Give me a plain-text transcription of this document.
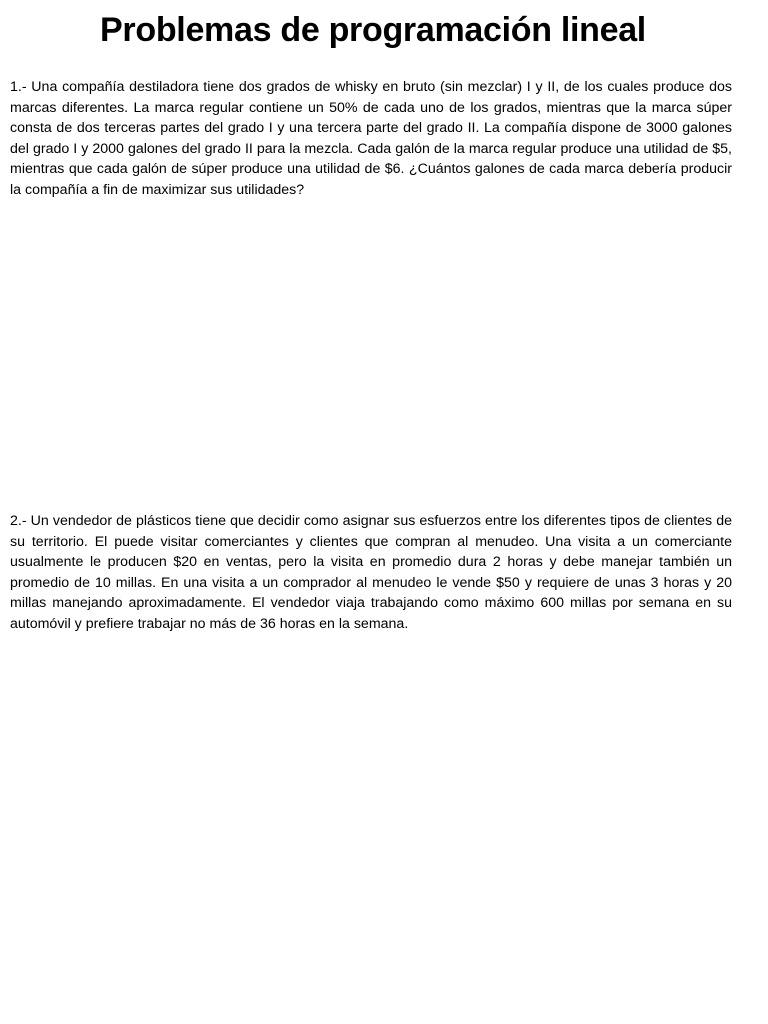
Problemas de programación lineal

1.- Una compañía destiladora tiene dos grados de whisky en bruto (sin mezclar) I y II, de los cuales produce dos marcas diferentes. La marca regular contiene un 50% de cada uno de los grados, mientras que la marca súper consta de dos terceras partes del grado I y una tercera parte del grado II. La compañía dispone de 3000 galones del grado I y 2000 galones del grado II para la mezcla. Cada galón de la marca regular produce una utilidad de $5, mientras que cada galón de súper produce una utilidad de $6. ¿Cuántos galones de cada marca debería producir la compañía a fin de maximizar sus utilidades?

2.- Un vendedor de plásticos tiene que decidir como asignar sus esfuerzos entre los diferentes tipos de clientes de su territorio. El puede visitar comerciantes y clientes que compran al menudeo. Una visita a un comerciante usualmente le producen $20 en ventas, pero la visita en promedio dura 2 horas y debe manejar también un promedio de 10 millas. En una visita a un comprador al menudeo le vende $50 y requiere de unas 3 horas y 20 millas manejando aproximadamente. El vendedor viaja trabajando como máximo 600 millas por semana en su automóvil y prefiere trabajar no más de 36 horas en la semana.
